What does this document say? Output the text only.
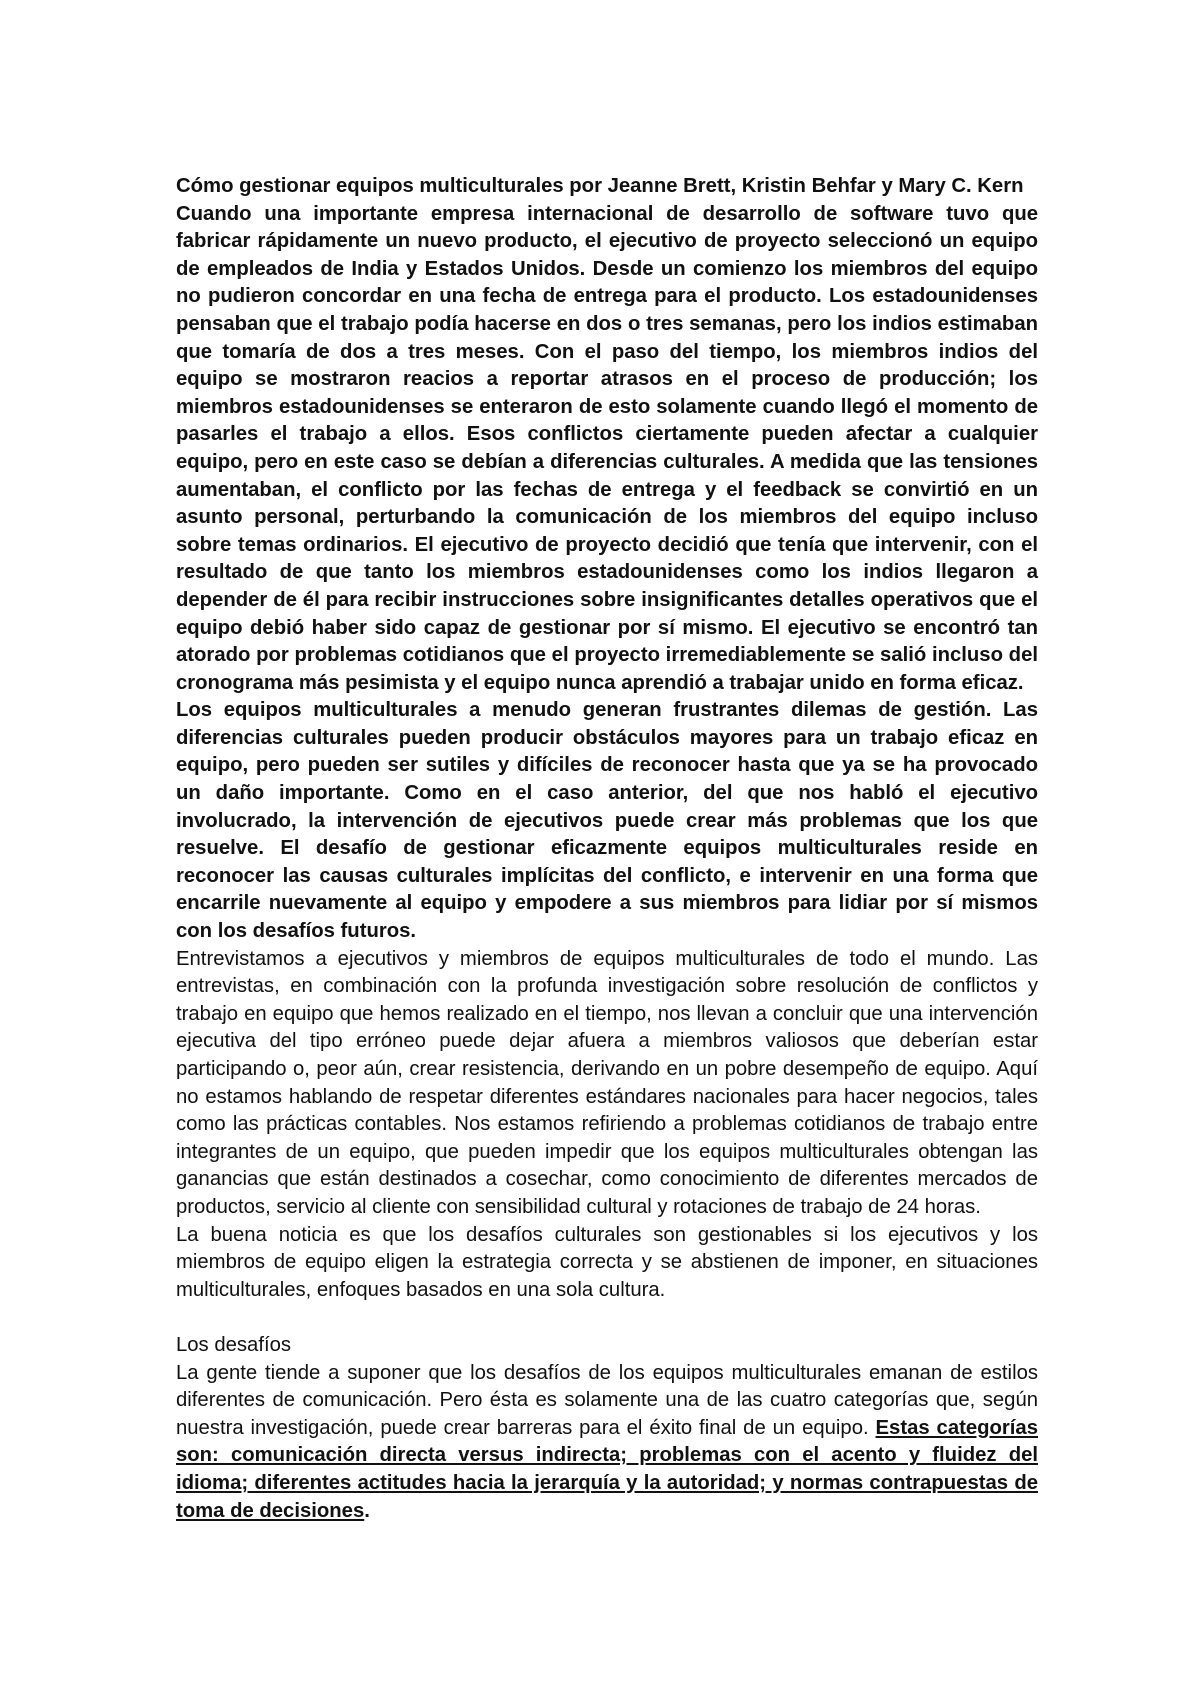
Cómo gestionar equipos multiculturales por Jeanne Brett, Kristin Behfar y Mary C. Kern

Cuando una importante empresa internacional de desarrollo de software tuvo que fabricar rápidamente un nuevo producto, el ejecutivo de proyecto seleccionó un equipo de empleados de India y Estados Unidos. Desde un comienzo los miembros del equipo no pudieron concordar en una fecha de entrega para el producto. Los estadounidenses pensaban que el trabajo podía hacerse en dos o tres semanas, pero los indios estimaban que tomaría de dos a tres meses. Con el paso del tiempo, los miembros indios del equipo se mostraron reacios a reportar atrasos en el proceso de producción; los miembros estadounidenses se enteraron de esto solamente cuando llegó el momento de pasarles el trabajo a ellos. Esos conflictos ciertamente pueden afectar a cualquier equipo, pero en este caso se debían a diferencias culturales. A medida que las tensiones aumentaban, el conflicto por las fechas de entrega y el feedback se convirtió en un asunto personal, perturbando la comunicación de los miembros del equipo incluso sobre temas ordinarios. El ejecutivo de proyecto decidió que tenía que intervenir, con el resultado de que tanto los miembros estadounidenses como los indios llegaron a depender de él para recibir instrucciones sobre insignificantes detalles operativos que el equipo debió haber sido capaz de gestionar por sí mismo. El ejecutivo se encontró tan atorado por problemas cotidianos que el proyecto irremediablemente se salió incluso del cronograma más pesimista y el equipo nunca aprendió a trabajar unido en forma eficaz.

Los equipos multiculturales a menudo generan frustrantes dilemas de gestión. Las diferencias culturales pueden producir obstáculos mayores para un trabajo eficaz en equipo, pero pueden ser sutiles y difíciles de reconocer hasta que ya se ha provocado un daño importante. Como en el caso anterior, del que nos habló el ejecutivo involucrado, la intervención de ejecutivos puede crear más problemas que los que resuelve. El desafío de gestionar eficazmente equipos multiculturales reside en reconocer las causas culturales implícitas del conflicto, e intervenir en una forma que encarrile nuevamente al equipo y empodere a sus miembros para lidiar por sí mismos con los desafíos futuros.

Entrevistamos a ejecutivos y miembros de equipos multiculturales de todo el mundo. Las entrevistas, en combinación con la profunda investigación sobre resolución de conflictos y trabajo en equipo que hemos realizado en el tiempo, nos llevan a concluir que una intervención ejecutiva del tipo erróneo puede dejar afuera a miembros valiosos que deberían estar participando o, peor aún, crear resistencia, derivando en un pobre desempeño de equipo. Aquí no estamos hablando de respetar diferentes estándares nacionales para hacer negocios, tales como las prácticas contables. Nos estamos refiriendo a problemas cotidianos de trabajo entre integrantes de un equipo, que pueden impedir que los equipos multiculturales obtengan las ganancias que están destinados a cosechar, como conocimiento de diferentes mercados de productos, servicio al cliente con sensibilidad cultural y rotaciones de trabajo de 24 horas.

La buena noticia es que los desafíos culturales son gestionables si los ejecutivos y los miembros de equipo eligen la estrategia correcta y se abstienen de imponer, en situaciones multiculturales, enfoques basados en una sola cultura.

Los desafíos

La gente tiende a suponer que los desafíos de los equipos multiculturales emanan de estilos diferentes de comunicación. Pero ésta es solamente una de las cuatro categorías que, según nuestra investigación, puede crear barreras para el éxito final de un equipo. Estas categorías son: comunicación directa versus indirecta; problemas con el acento y fluidez del idioma; diferentes actitudes hacia la jerarquía y la autoridad; y normas contrapuestas de toma de decisiones.
